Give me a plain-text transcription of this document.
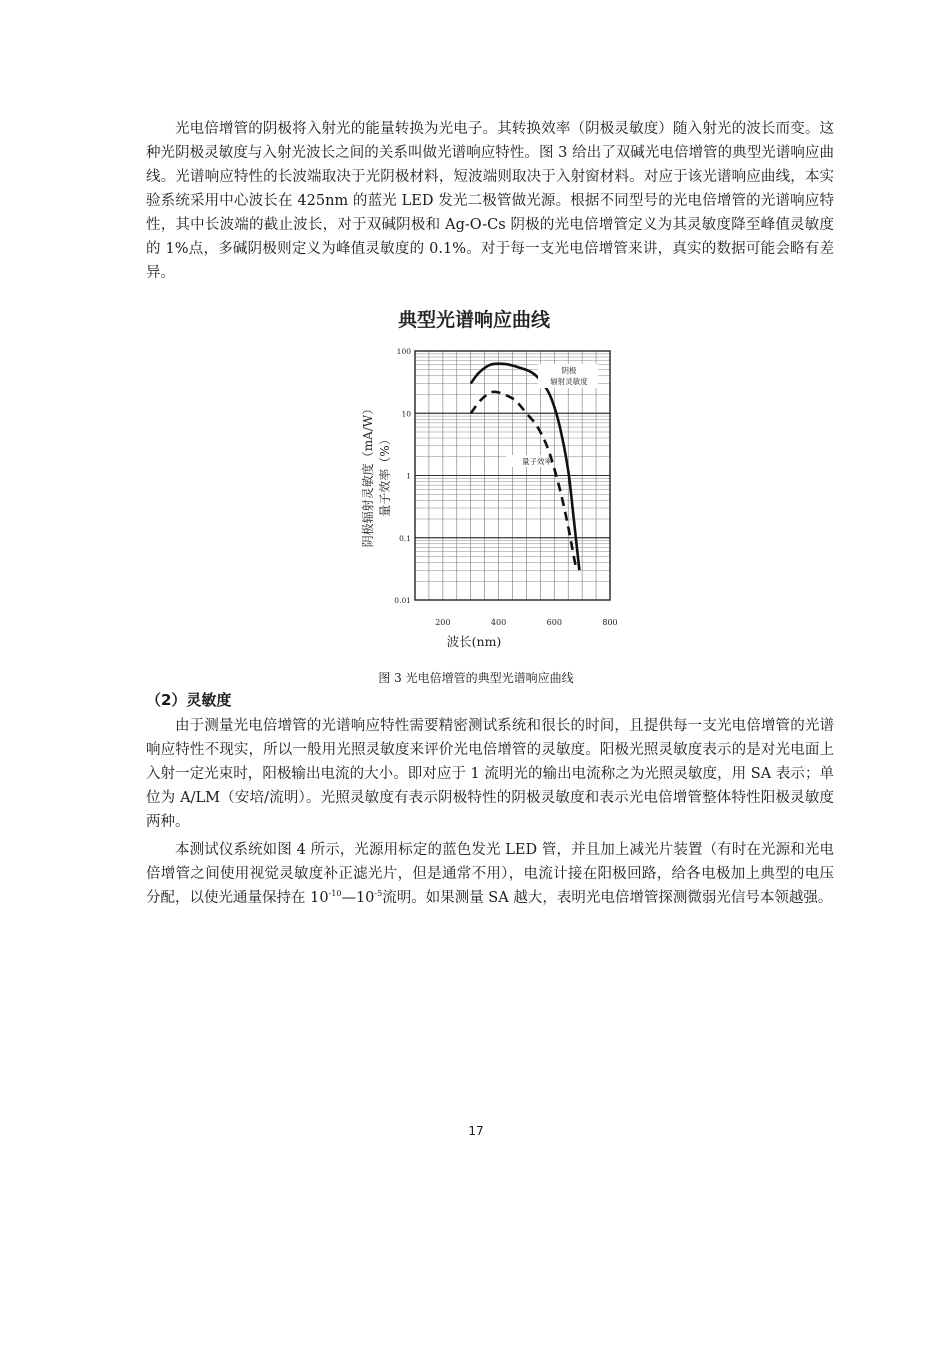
光电倍增管的阴极将入射光的能量转换为光电子。其转换效率（阴极灵敏度）随入射光的波长而变。这种光阴极灵敏度与入射光波长之间的关系叫做光谱响应特性。图 3 给出了双碱光电倍增管的典型光谱响应曲线。光谱响应特性的长波端取决于光阴极材料，短波端则取决于入射窗材料。对应于该光谱响应曲线，本实验系统采用中心波长在 425nm 的蓝光 LED 发光二极管做光源。根据不同型号的光电倍增管的光谱响应特性，其中长波端的截止波长，对于双碱阴极和 Ag-O-Cs 阴极的光电倍增管定义为其灵敏度降至峰值灵敏度的 1%点，多碱阴极则定义为峰值灵敏度的 0.1%。对于每一支光电倍增管来讲，真实的数据可能会略有差异。

典型光谱响应曲线
200	400	600	800
100
10
1
0.1
0.01
阴极
辐射灵敏度
量子效率
波长(nm)
阴极辐射灵敏度（mA/W） 量子效率（%）

图 3 光电倍增管的典型光谱响应曲线

（2）灵敏度

由于测量光电倍增管的光谱响应特性需要精密测试系统和很长的时间，且提供每一支光电倍增管的光谱响应特性不现实，所以一般用光照灵敏度来评价光电倍增管的灵敏度。阳极光照灵敏度表示的是对光电面上入射一定光束时，阳极输出电流的大小。即对应于 1 流明光的输出电流称之为光照灵敏度，用 SA 表示；单位为 A/LM（安培/流明）。光照灵敏度有表示阴极特性的阴极灵敏度和表示光电倍增管整体特性阳极灵敏度两种。

本测试仪系统如图 4 所示，光源用标定的蓝色发光 LED 管，并且加上减光片装置（有时在光源和光电倍增管之间使用视觉灵敏度补正滤光片，但是通常不用），电流计接在阳极回路，给各电极加上典型的电压分配，以使光通量保持在 $10^{-10}—10^{-5}$流明。如果测量 SA 越大，表明光电倍增管探测微弱光信号本领越强。

17
